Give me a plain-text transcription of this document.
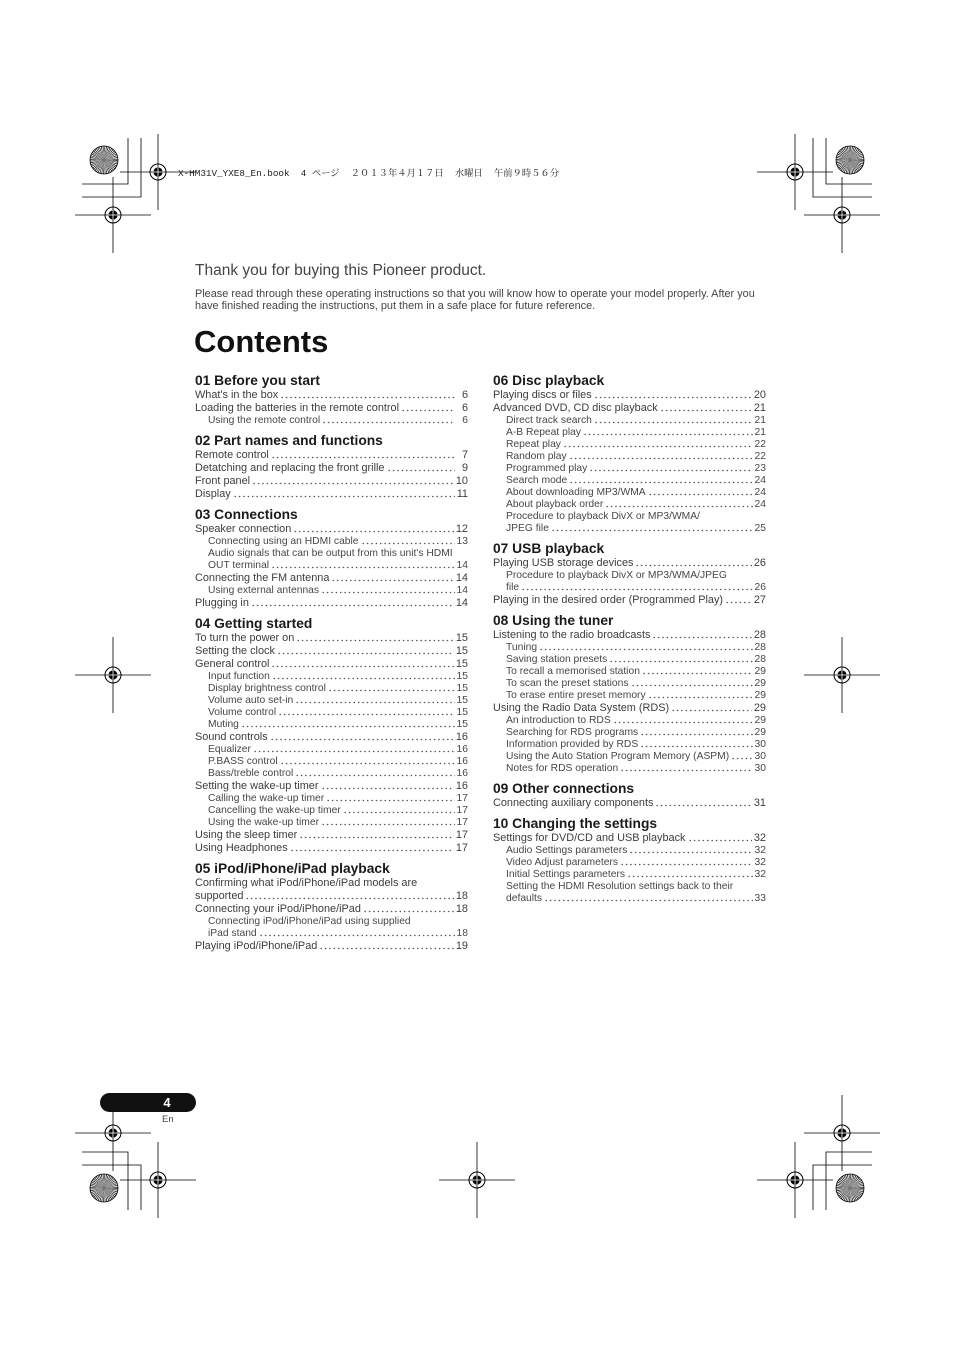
X-HM31V_YXE8_En.book  4 ページ  ２０１３年４月１７日  水曜日  午前９時５６分
Thank you for buying this Pioneer product.
Please read through these operating instructions so that you will know how to operate your model properly. After you
have finished reading the instructions, put them in a safe place for future reference.
Contents
01 Before you start
What's in the box	6
Loading the batteries in the remote control	6
Using the remote control	6
02 Part names and functions
Remote control	7
Detatching and replacing the front grille	9
Front panel	10
Display	11
03 Connections
Speaker connection	12
Connecting using an HDMI cable	13
Audio signals that can be output from this unit's HDMI
OUT terminal	14
Connecting the FM antenna	14
Using external antennas	14
Plugging in	14
04 Getting started
To turn the power on	15
Setting the clock	15
General control	15
Input function	15
Display brightness control	15
Volume auto set-in	15
Volume control	15
Muting	15
Sound controls	16
Equalizer	16
P.BASS control	16
Bass/treble control	16
Setting the wake-up timer	16
Calling the wake-up timer	17
Cancelling the wake-up timer	17
Using the wake-up timer	17
Using the sleep timer	17
Using Headphones	17
05 iPod/iPhone/iPad playback
Confirming what iPod/iPhone/iPad models are
supported	18
Connecting your iPod/iPhone/iPad	18
Connecting iPod/iPhone/iPad using supplied
iPad stand	18
Playing iPod/iPhone/iPad	19
06 Disc playback
Playing discs or files	20
Advanced DVD, CD disc playback	21
Direct track search	21
A-B Repeat play	21
Repeat play	22
Random play	22
Programmed play	23
Search mode	24
About downloading MP3/WMA	24
About playback order	24
Procedure to playback DivX or MP3/WMA/
JPEG file	25
07 USB playback
Playing USB storage devices	26
Procedure to playback DivX or MP3/WMA/JPEG
file	26
Playing in the desired order (Programmed Play)	27
08 Using the tuner
Listening to the radio broadcasts	28
Tuning	28
Saving station presets	28
To recall a memorised station	29
To scan the preset stations	29
To erase entire preset memory	29
Using the Radio Data System (RDS)	29
An introduction to RDS	29
Searching for RDS programs	29
Information provided by RDS	30
Using the Auto Station Program Memory (ASPM) 30
Notes for RDS operation	30
09 Other connections
Connecting auxiliary components	31
10 Changing the settings
Settings for DVD/CD and USB playback	32
Audio Settings parameters	32
Video Adjust parameters	32
Initial Settings parameters	32
Setting the HDMI Resolution settings back to their
defaults	33
4
En
